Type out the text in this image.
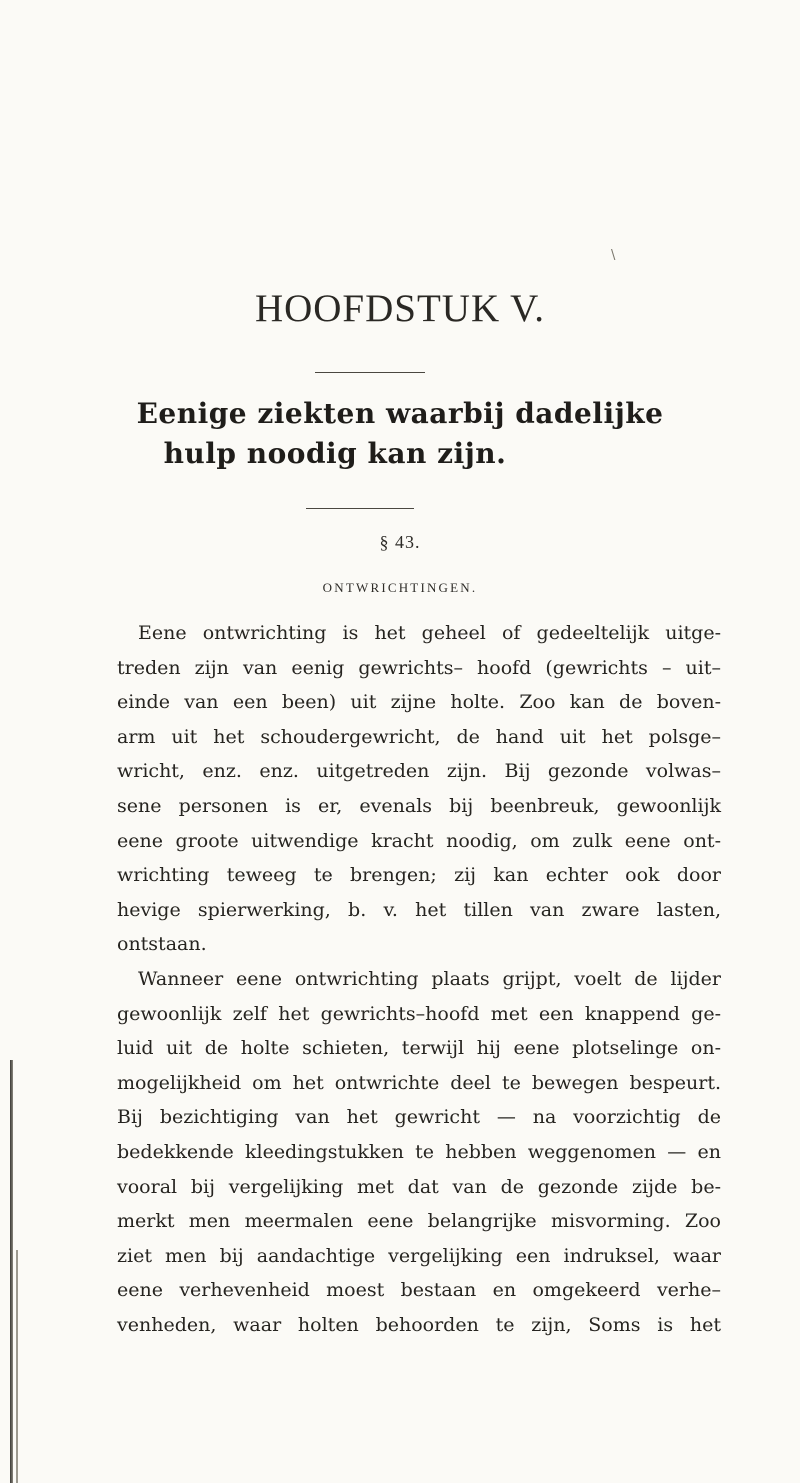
\
HOOFDSTUK V.
Eenige ziekten waarbij dadelijke
hulp noodig kan zijn.
§ 43.
ONTWRICHTINGEN.
Eene ontwrichting is het geheel of gedeeltelijk uitge-
treden zijn van eenig gewrichts– hoofd (gewrichts – uit–
einde van een been) uit zijne holte. Zoo kan de boven-
arm uit het schoudergewricht, de hand uit het polsge–
wricht, enz. enz. uitgetreden zijn. Bij gezonde volwas–
sene personen is er, evenals bij beenbreuk, gewoonlijk
eene groote uitwendige kracht noodig, om zulk eene ont-
wrichting teweeg te brengen; zij kan echter ook door
hevige spierwerking, b. v. het tillen van zware lasten,
ontstaan.
Wanneer eene ontwrichting plaats grijpt, voelt de lijder
gewoonlijk zelf het gewrichts–hoofd met een knappend ge-
luid uit de holte schieten, terwijl hij eene plotselinge on-
mogelijkheid om het ontwrichte deel te bewegen bespeurt.
Bij bezichtiging van het gewricht — na voorzichtig de
bedekkende kleedingstukken te hebben weggenomen — en
vooral bij vergelijking met dat van de gezonde zijde be-
merkt men meermalen eene belangrijke misvorming. Zoo
ziet men bij aandachtige vergelijking een indruksel, waar
eene verhevenheid moest bestaan en omgekeerd verhe–
venheden, waar holten behoorden te zijn, Soms is het
